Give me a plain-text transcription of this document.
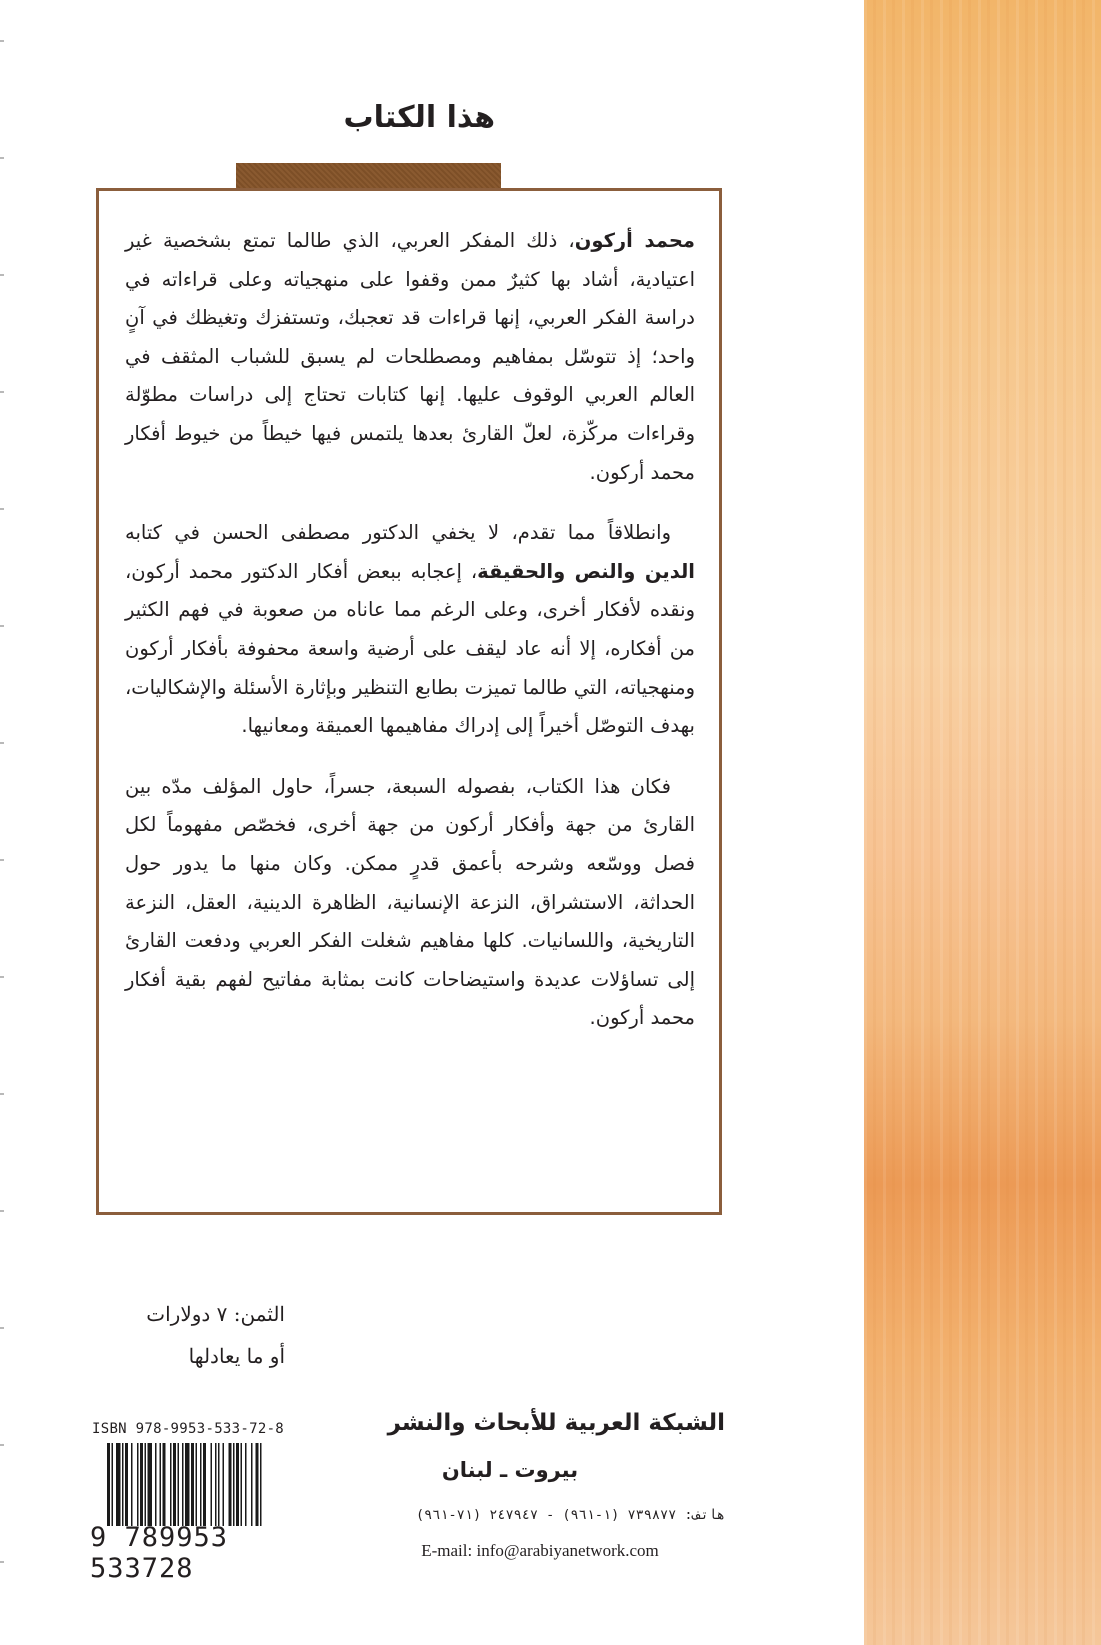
هذا الكتاب

محمد أركون، ذلك المفكر العربي، الذي طالما تمتع بشخصية غير اعتيادية، أشاد بها كثيرٌ ممن وقفوا على منهجياته وعلى قراءاته في دراسة الفكر العربي، إنها قراءات قد تعجبك، وتستفزك وتغيظك في آنٍ واحد؛ إذ تتوسّل بمفاهيم ومصطلحات لم يسبق للشباب المثقف في العالم العربي الوقوف عليها. إنها كتابات تحتاج إلى دراسات مطوّلة وقراءات مركّزة، لعلّ القارئ بعدها يلتمس فيها خيطاً من خيوط أفكار محمد أركون.

وانطلاقاً مما تقدم، لا يخفي الدكتور مصطفى الحسن في كتابه الدين والنص والحقيقة، إعجابه ببعض أفكار الدكتور محمد أركون، ونقده لأفكار أخرى، وعلى الرغم مما عاناه من صعوبة في فهم الكثير من أفكاره، إلا أنه عاد ليقف على أرضية واسعة محفوفة بأفكار أركون ومنهجياته، التي طالما تميزت بطابع التنظير وبإثارة الأسئلة والإشكاليات، بهدف التوصّل أخيراً إلى إدراك مفاهيمها العميقة ومعانيها.

فكان هذا الكتاب، بفصوله السبعة، جسراً، حاول المؤلف مدّه بين القارئ من جهة وأفكار أركون من جهة أخرى، فخصّص مفهوماً لكل فصل ووسّعه وشرحه بأعمق قدرٍ ممكن. وكان منها ما يدور حول الحداثة، الاستشراق، النزعة الإنسانية، الظاهرة الدينية، العقل، النزعة التاريخية، واللسانيات. كلها مفاهيم شغلت الفكر العربي ودفعت القارئ إلى تساؤلات عديدة واستيضاحات كانت بمثابة مفاتيح لفهم بقية أفكار محمد أركون.

الثمن: ٧ دولارات
أو ما يعادلها
ISBN 978-9953-533-72-8
9 789953 533728
الشبكة العربية للأبحاث والنشر
بيروت ـ لبنان
هاتف: ٧٣٩٨٧٧ (١-٩٦١) - ٢٤٧٩٤٧ (٧١-٩٦١)
E-mail: info@arabiyanetwork.com
